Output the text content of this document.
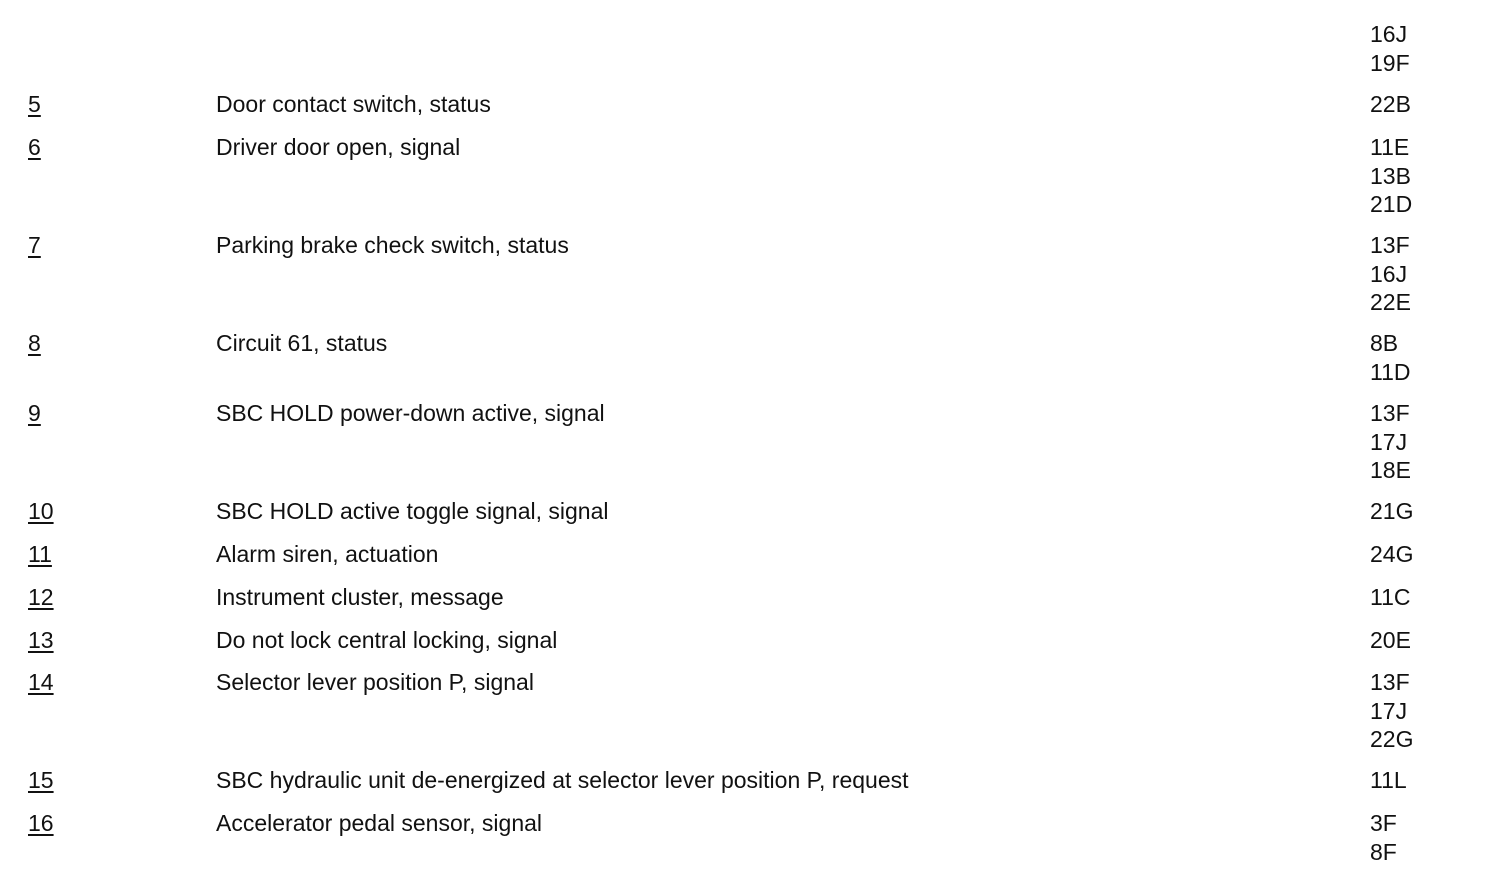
16J
19F
5	Door contact switch, status	22B
6	Driver door open, signal	11E
13B
21D
7	Parking brake check switch, status	13F
16J
22E
8	Circuit 61, status	8B
11D
9	SBC HOLD power-down active, signal	13F
17J
18E
10	SBC HOLD active toggle signal, signal	21G
11	Alarm siren, actuation	24G
12	Instrument cluster, message	11C
13	Do not lock central locking, signal	20E
14	Selector lever position P, signal	13F
17J
22G
15	SBC hydraulic unit de-energized at selector lever position P, request	11L
16	Accelerator pedal sensor, signal	3F
8F
